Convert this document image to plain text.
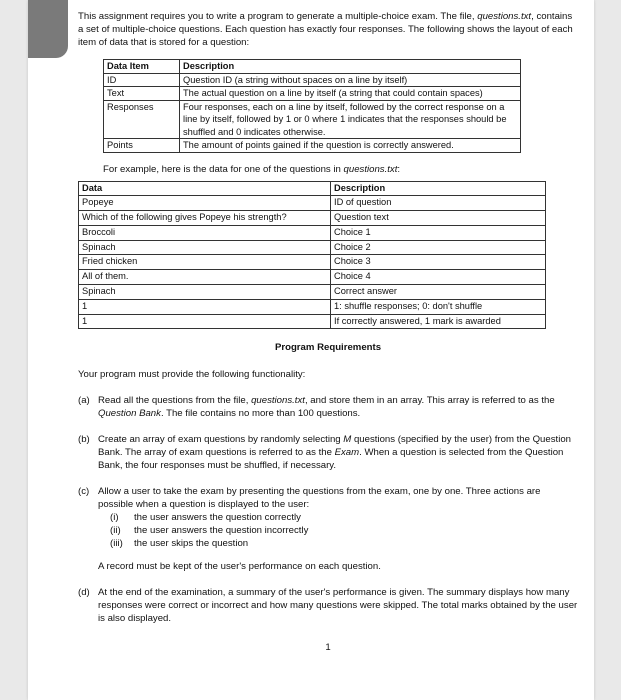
This assignment requires you to write a program to generate a multiple-choice exam. The file, questions.txt, contains a set of multiple-choice questions. Each question has exactly four responses. The following shows the layout of each item of data that is stored for a question:

Data Item	Description
ID	Question ID (a string without spaces on a line by itself)
Text	The actual question on a line by itself (a string that could contain spaces)
Responses	Four responses, each on a line by itself, followed by the correct response on a line by itself, followed by 1 or 0 where 1 indicates that the responses should be shuffled and 0 indicates otherwise.
Points	The amount of points gained if the question is correctly answered.

For example, here is the data for one of the questions in questions.txt:

Data	Description
Popeye	ID of question
Which of the following gives Popeye his strength?	Question text
Broccoli	Choice 1
Spinach	Choice 2
Fried chicken	Choice 3
All of them.	Choice 4
Spinach	Correct answer
1	1: shuffle responses; 0: don't shuffle
1	If correctly answered, 1 mark is awarded

Program Requirements

Your program must provide the following functionality:

(a) Read all the questions from the file, questions.txt, and store them in an array. This array is referred to as the Question Bank. The file contains no more than 100 questions.

(b) Create an array of exam questions by randomly selecting M questions (specified by the user) from the Question Bank. The array of exam questions is referred to as the Exam. When a question is selected from the Question Bank, the four responses must be shuffled, if necessary.

(c) Allow a user to take the exam by presenting the questions from the exam, one by one. Three actions are possible when a question is displayed to the user:

(i)	the user answers the question correctly
(ii)	the user answers the question incorrectly
(iii)	the user skips the question

A record must be kept of the user's performance on each question.

(d) At the end of the examination, a summary of the user's performance is given. The summary displays how many responses were correct or incorrect and how many questions were skipped. The total marks obtained by the user is also displayed.

1
